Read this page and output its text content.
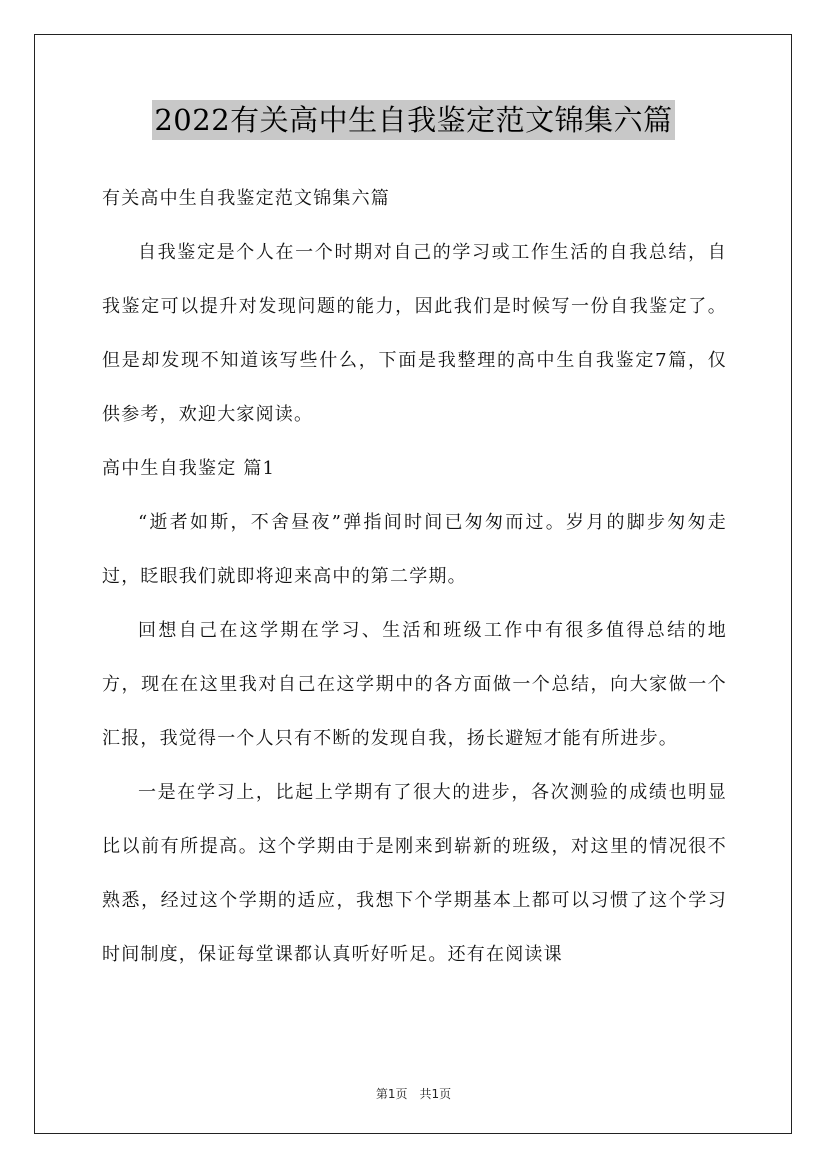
2022有关高中生自我鉴定范文锦集六篇

有关高中生自我鉴定范文锦集六篇

自我鉴定是个人在一个时期对自己的学习或工作生活的自我总结，自我鉴定可以提升对发现问题的能力，因此我们是时候写一份自我鉴定了。但是却发现不知道该写些什么，下面是我整理的高中生自我鉴定7篇，仅供参考，欢迎大家阅读。

高中生自我鉴定 篇1

“逝者如斯，不舍昼夜”弹指间时间已匆匆而过。岁月的脚步匆匆走过，眨眼我们就即将迎来高中的第二学期。

回想自己在这学期在学习、生活和班级工作中有很多值得总结的地方，现在在这里我对自己在这学期中的各方面做一个总结，向大家做一个汇报，我觉得一个人只有不断的发现自我，扬长避短才能有所进步。

一是在学习上，比起上学期有了很大的进步，各次测验的成绩也明显比以前有所提高。这个学期由于是刚来到崭新的班级，对这里的情况很不熟悉，经过这个学期的适应，我想下个学期基本上都可以习惯了这个学习时间制度，保证每堂课都认真听好听足。还有在阅读课

第1页 共1页
